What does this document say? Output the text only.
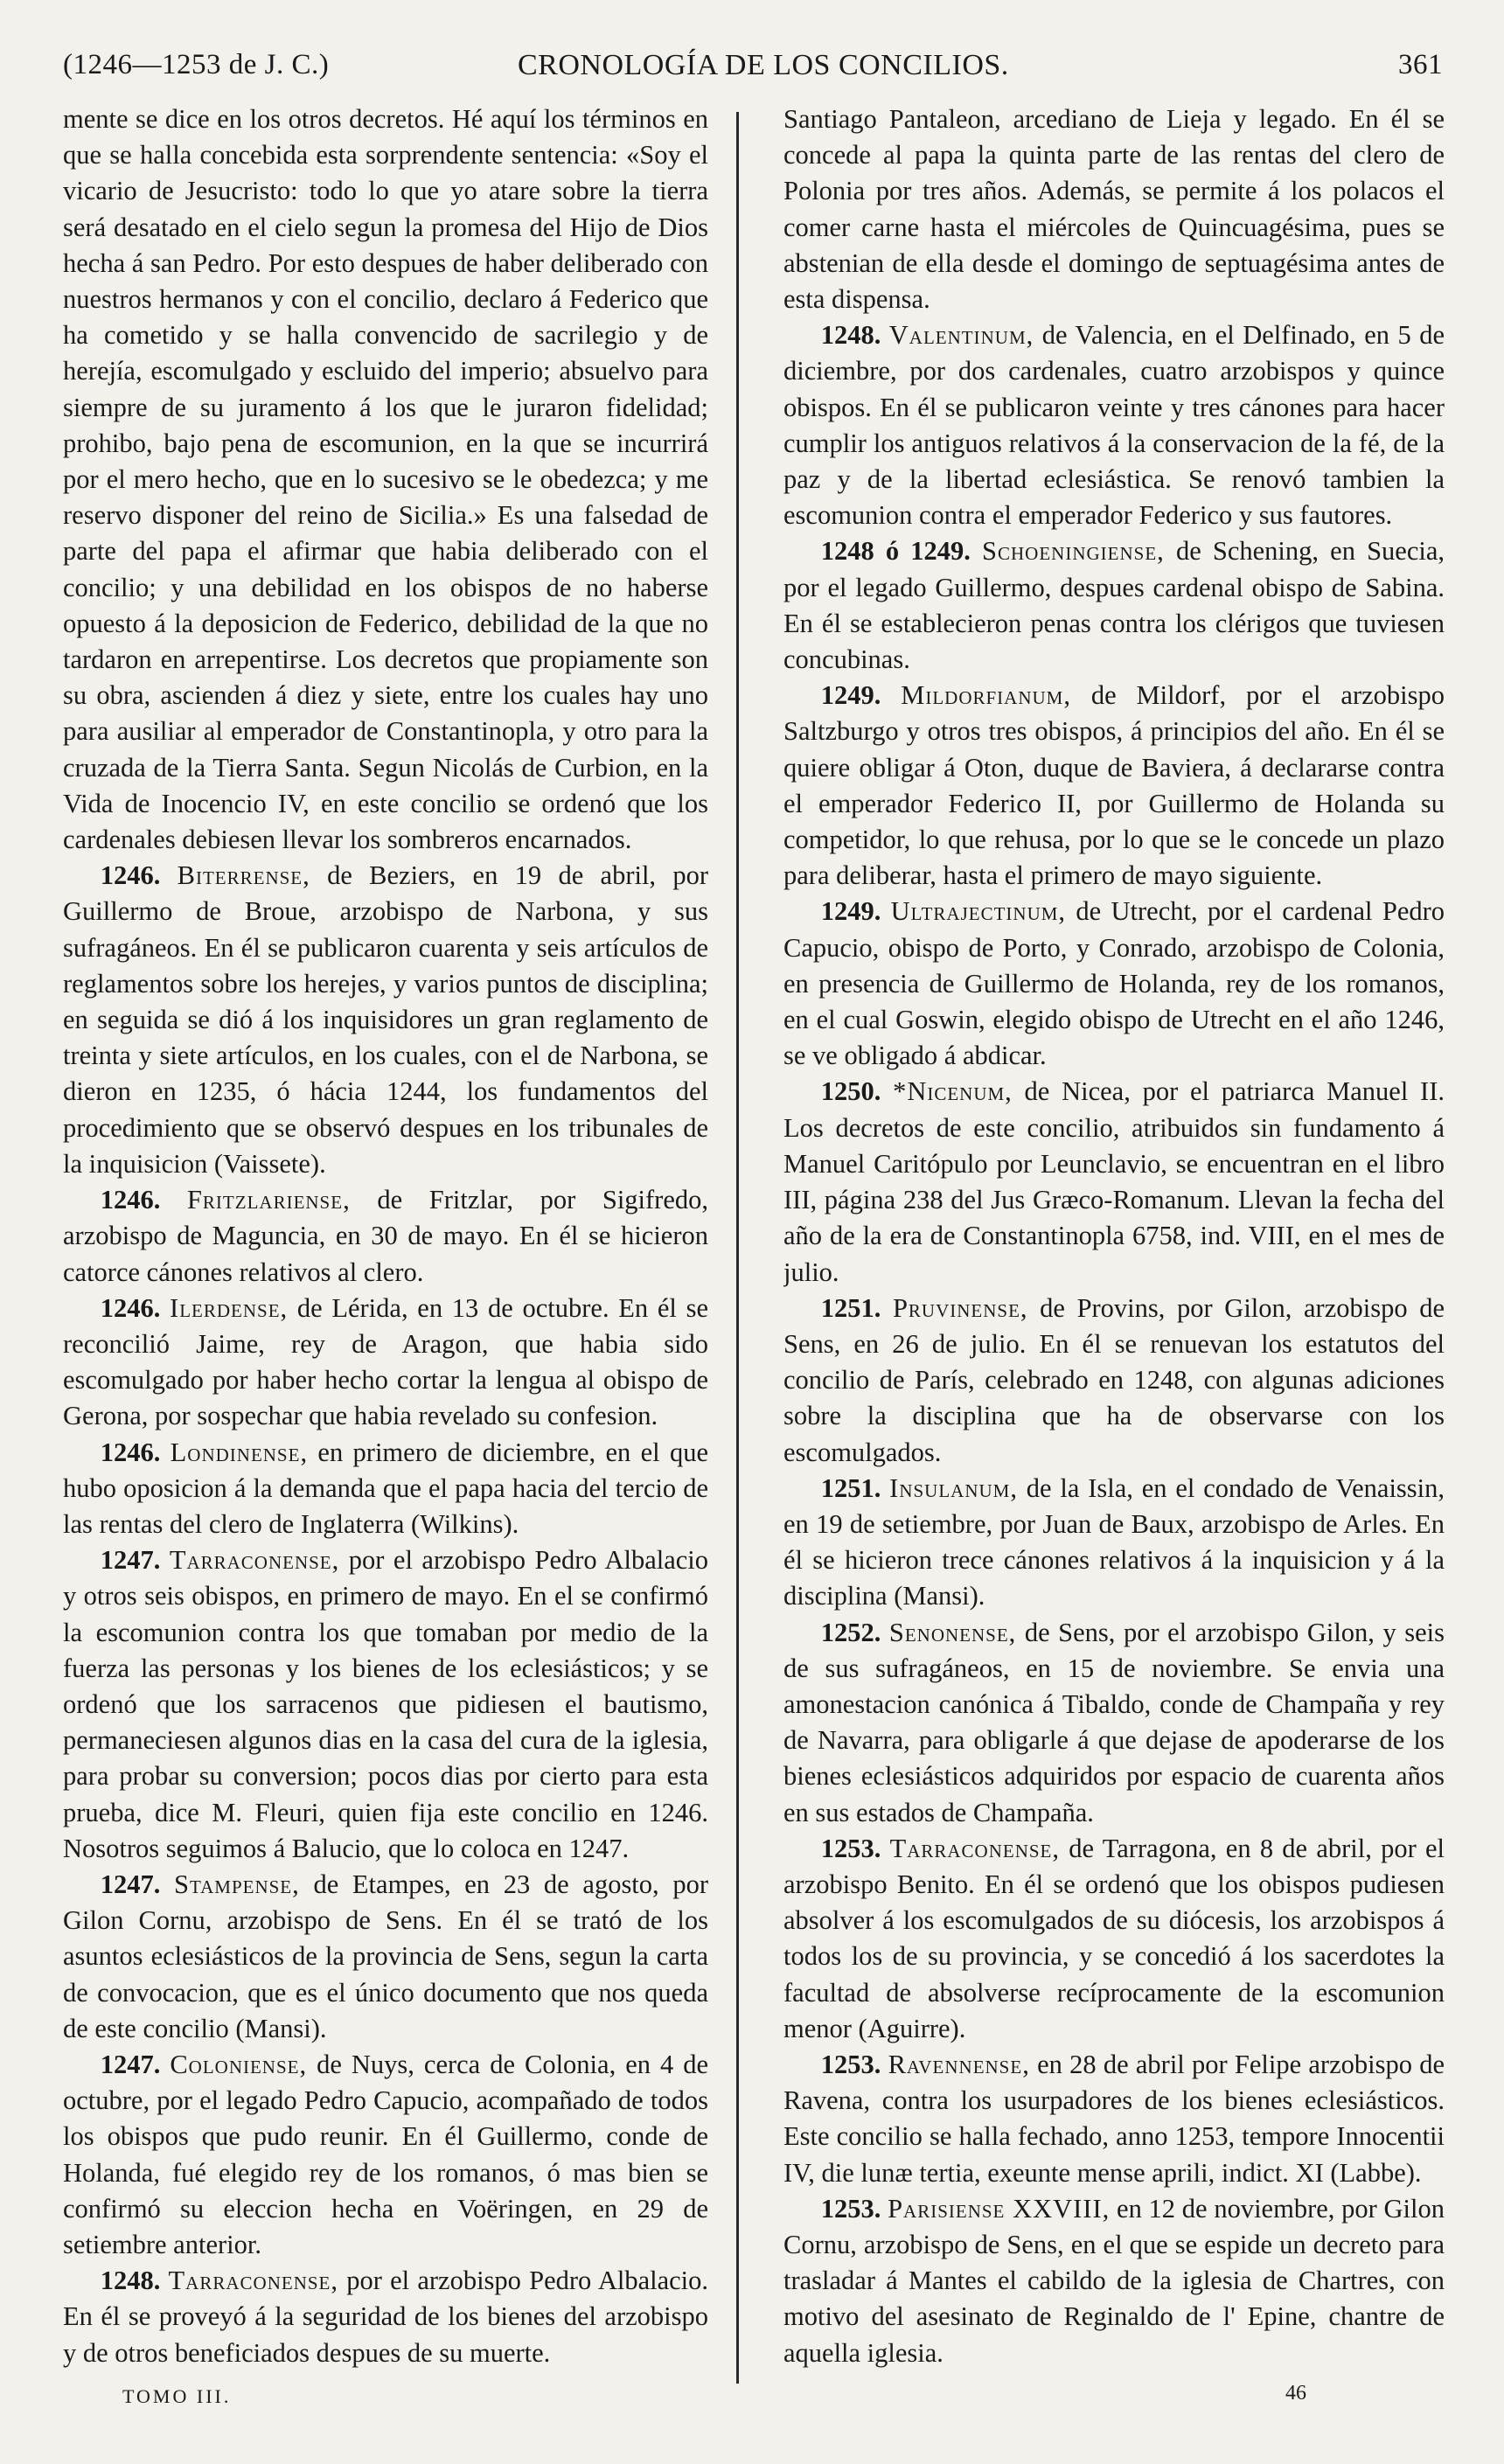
(1246—1253 de J. C.)	CRONOLOGÍA DE LOS CONCILIOS.	361

mente se dice en los otros decretos. Hé aquí los términos en que se halla concebida esta sorprendente sentencia: «Soy el vicario de Jesucristo: todo lo que yo atare sobre la tierra será desatado en el cielo segun la promesa del Hijo de Dios hecha á san Pedro. Por esto despues de haber deliberado con nuestros hermanos y con el concilio, declaro á Federico que ha cometido y se halla convencido de sacrilegio y de herejía, escomulgado y escluido del imperio; absuelvo para siempre de su juramento á los que le juraron fidelidad; prohibo, bajo pena de escomunion, en la que se incurrirá por el mero hecho, que en lo sucesivo se le obedezca; y me reservo disponer del reino de Sicilia.» Es una falsedad de parte del papa el afirmar que habia deliberado con el concilio; y una debilidad en los obispos de no haberse opuesto á la deposicion de Federico, debilidad de la que no tardaron en arrepentirse. Los decretos que propiamente son su obra, ascienden á diez y siete, entre los cuales hay uno para ausiliar al emperador de Constantinopla, y otro para la cruzada de la Tierra Santa. Segun Nicolás de Curbion, en la Vida de Inocencio IV, en este concilio se ordenó que los cardenales debiesen llevar los sombreros encarnados.

1246. Biterrense, de Beziers, en 19 de abril, por Guillermo de Broue, arzobispo de Narbona, y sus sufragáneos. En él se publicaron cuarenta y seis artículos de reglamentos sobre los herejes, y varios puntos de disciplina; en seguida se dió á los inquisidores un gran reglamento de treinta y siete artículos, en los cuales, con el de Narbona, se dieron en 1235, ó hácia 1244, los fundamentos del procedimiento que se observó despues en los tribunales de la inquisicion (Vaissete).

1246. Fritzlariense, de Fritzlar, por Sigifredo, arzobispo de Maguncia, en 30 de mayo. En él se hicieron catorce cánones relativos al clero.

1246. Ilerdense, de Lérida, en 13 de octubre. En él se reconcilió Jaime, rey de Aragon, que habia sido escomulgado por haber hecho cortar la lengua al obispo de Gerona, por sospechar que habia revelado su confesion.

1246. Londinense, en primero de diciembre, en el que hubo oposicion á la demanda que el papa hacia del tercio de las rentas del clero de Inglaterra (Wilkins).

1247. Tarraconense, por el arzobispo Pedro Albalacio y otros seis obispos, en primero de mayo. En el se confirmó la escomunion contra los que tomaban por medio de la fuerza las personas y los bienes de los eclesiásticos; y se ordenó que los sarracenos que pidiesen el bautismo, permaneciesen algunos dias en la casa del cura de la iglesia, para probar su conversion; pocos dias por cierto para esta prueba, dice M. Fleuri, quien fija este concilio en 1246. Nosotros seguimos á Balucio, que lo coloca en 1247.

1247. Stampense, de Etampes, en 23 de agosto, por Gilon Cornu, arzobispo de Sens. En él se trató de los asuntos eclesiásticos de la provincia de Sens, segun la carta de convocacion, que es el único documento que nos queda de este concilio (Mansi).

1247. Coloniense, de Nuys, cerca de Colonia, en 4 de octubre, por el legado Pedro Capucio, acompañado de todos los obispos que pudo reunir. En él Guillermo, conde de Holanda, fué elegido rey de los romanos, ó mas bien se confirmó su eleccion hecha en Voëringen, en 29 de setiembre anterior.

1248. Tarraconense, por el arzobispo Pedro Albalacio. En él se proveyó á la seguridad de los bienes del arzobispo y de otros beneficiados despues de su muerte.

Santiago Pantaleon, arcediano de Lieja y legado. En él se concede al papa la quinta parte de las rentas del clero de Polonia por tres años. Además, se permite á los polacos el comer carne hasta el miércoles de Quincuagésima, pues se abstenian de ella desde el domingo de septuagésima antes de esta dispensa.

1248. Valentinum, de Valencia, en el Delfinado, en 5 de diciembre, por dos cardenales, cuatro arzobispos y quince obispos. En él se publicaron veinte y tres cánones para hacer cumplir los antiguos relativos á la conservacion de la fé, de la paz y de la libertad eclesiástica. Se renovó tambien la escomunion contra el emperador Federico y sus fautores.

1248 ó 1249. Schoeningiense, de Schening, en Suecia, por el legado Guillermo, despues cardenal obispo de Sabina. En él se establecieron penas contra los clérigos que tuviesen concubinas.

1249. Mildorfianum, de Mildorf, por el arzobispo Saltzburgo y otros tres obispos, á principios del año. En él se quiere obligar á Oton, duque de Baviera, á declararse contra el emperador Federico II, por Guillermo de Holanda su competidor, lo que rehusa, por lo que se le concede un plazo para deliberar, hasta el primero de mayo siguiente.

1249. Ultrajectinum, de Utrecht, por el cardenal Pedro Capucio, obispo de Porto, y Conrado, arzobispo de Colonia, en presencia de Guillermo de Holanda, rey de los romanos, en el cual Goswin, elegido obispo de Utrecht en el año 1246, se ve obligado á abdicar.

1250. *Nicenum, de Nicea, por el patriarca Manuel II. Los decretos de este concilio, atribuidos sin fundamento á Manuel Caritópulo por Leunclavio, se encuentran en el libro III, página 238 del Jus Græco-Romanum. Llevan la fecha del año de la era de Constantinopla 6758, ind. VIII, en el mes de julio.

1251. Pruvinense, de Provins, por Gilon, arzobispo de Sens, en 26 de julio. En él se renuevan los estatutos del concilio de París, celebrado en 1248, con algunas adiciones sobre la disciplina que ha de observarse con los escomulgados.

1251. Insulanum, de la Isla, en el condado de Venaissin, en 19 de setiembre, por Juan de Baux, arzobispo de Arles. En él se hicieron trece cánones relativos á la inquisicion y á la disciplina (Mansi).

1252. Senonense, de Sens, por el arzobispo Gilon, y seis de sus sufragáneos, en 15 de noviembre. Se envia una amonestacion canónica á Tibaldo, conde de Champaña y rey de Navarra, para obligarle á que dejase de apoderarse de los bienes eclesiásticos adquiridos por espacio de cuarenta años en sus estados de Champaña.

1253. Tarraconense, de Tarragona, en 8 de abril, por el arzobispo Benito. En él se ordenó que los obispos pudiesen absolver á los escomulgados de su diócesis, los arzobispos á todos los de su provincia, y se concedió á los sacerdotes la facultad de absolverse recíprocamente de la escomunion menor (Aguirre).

1253. Ravennense, en 28 de abril por Felipe arzobispo de Ravena, contra los usurpadores de los bienes eclesiásticos. Este concilio se halla fechado, anno 1253, tempore Innocentii IV, die lunæ tertia, exeunte mense aprili, indict. XI (Labbe).

1253. Parisiense XXVIII, en 12 de noviembre, por Gilon Cornu, arzobispo de Sens, en el que se espide un decreto para trasladar á Mantes el cabildo de la iglesia de Chartres, con motivo del asesinato de Reginaldo de l' Epine, chantre de aquella iglesia.

TOMO III.	46
